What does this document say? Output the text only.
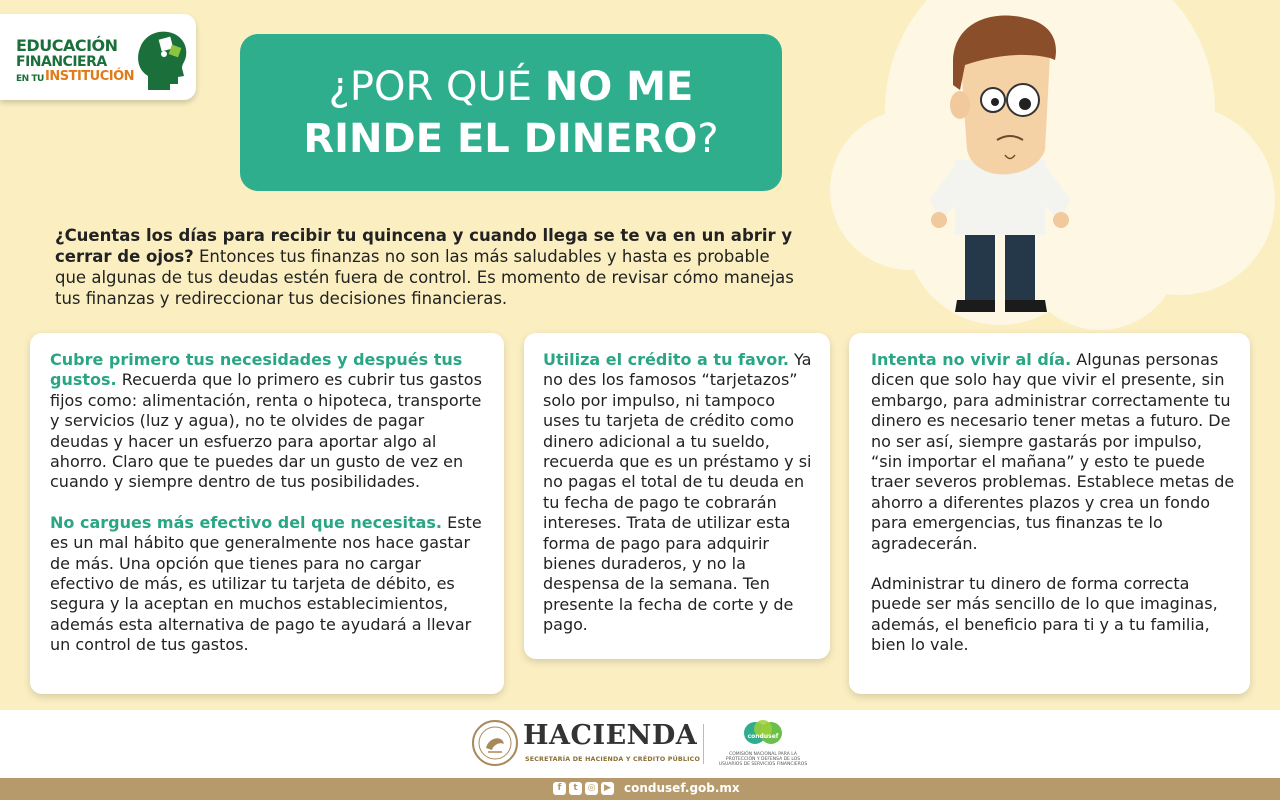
EDUCACIÓN
FINANCIERA
EN TU INSTITUCIÓN	¿POR QUÉ NO ME
RINDE EL DINERO?
¿Cuentas los días para recibir tu quincena y cuando llega se te va en un abrir y cerrar de ojos? Entonces tus finanzas no son las más saludables y hasta es probable que algunas de tus deudas estén fuera de control. Es momento de revisar cómo manejas tus finanzas y redireccionar tus decisiones financieras.

Cubre primero tus necesidades y después tus gustos. Recuerda que lo primero es cubrir tus gastos fijos como: alimentación, renta o hipoteca, transporte y servicios (luz y agua), no te olvides de pagar deudas y hacer un esfuerzo para aportar algo al ahorro. Claro que te puedes dar un gusto de vez en cuando y siempre dentro de tus posibilidades.

No cargues más efectivo del que necesitas. Este es un mal hábito que generalmente nos hace gastar de más. Una opción que tienes para no cargar efectivo de más, es utilizar tu tarjeta de débito, es segura y la aceptan en muchos establecimientos, además esta alternativa de pago te ayudará a llevar un control de tus gastos.

Utiliza el crédito a tu favor. Ya no des los famosos “tarjetazos” solo por impulso, ni tampoco uses tu tarjeta de crédito como dinero adicional a tu sueldo, recuerda que es un préstamo y si no pagas el total de tu deuda en tu fecha de pago te cobrarán intereses. Trata de utilizar esta forma de pago para adquirir bienes duraderos, y no la despensa de la semana. Ten presente la fecha de corte y de pago.

Intenta no vivir al día. Algunas personas dicen que solo hay que vivir el presente, sin embargo, para administrar correctamente tu dinero es necesario tener metas a futuro. De no ser así, siempre gastarás por impulso, “sin importar el mañana” y esto te puede traer severos problemas. Establece metas de ahorro a diferentes plazos y crea un fondo para emergencias, tus finanzas te lo agradecerán.

Administrar tu dinero de forma correcta puede ser más sencillo de lo que imaginas, además, el beneficio para ti y a tu familia, bien lo vale.

HACIENDA
SECRETARÍA DE HACIENDA Y CRÉDITO PÚBLICO
condusef
COMISIÓN NACIONAL PARA LA PROTECCIÓN Y DEFENSA DE LOS USUARIOS DE SERVICIOS FINANCIEROS
f	t	◎ ▶ condusef.gob.mx
